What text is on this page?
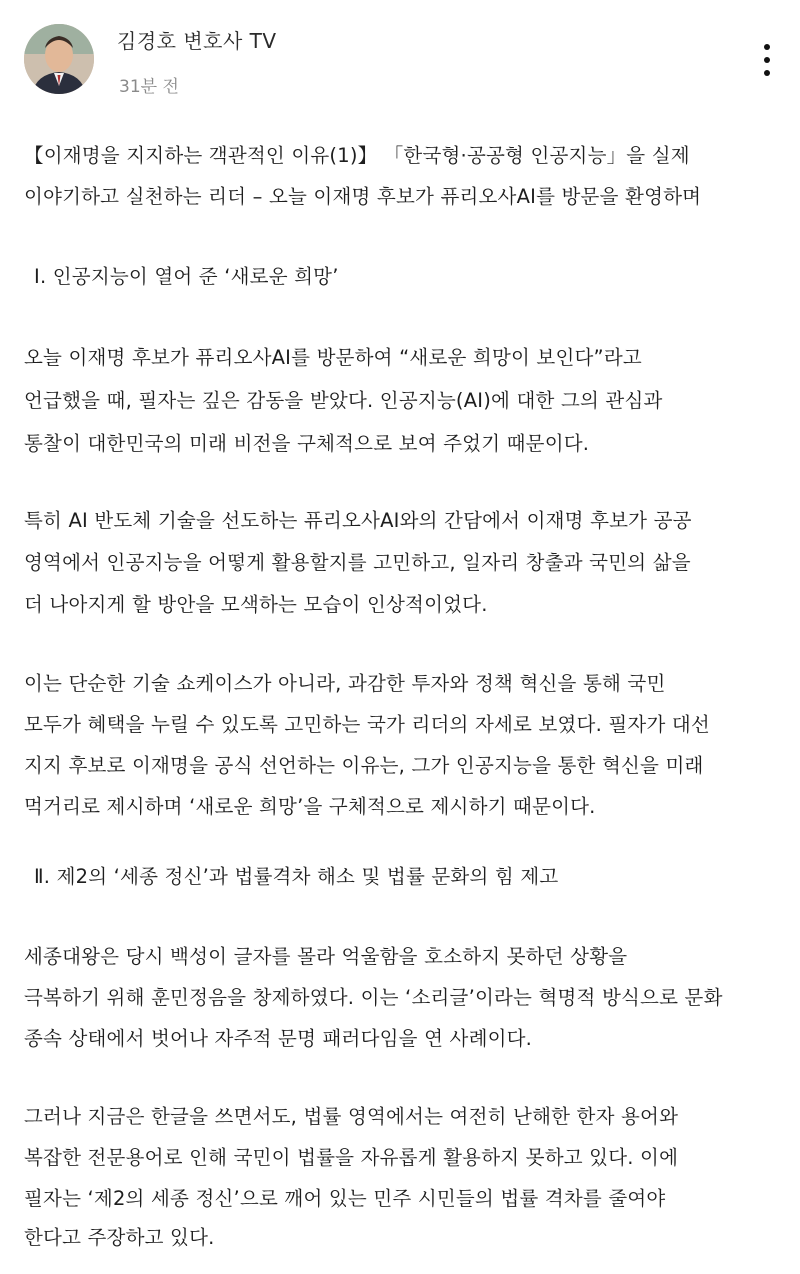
김경호 변호사 TV
31분 전
【이재명을 지지하는 객관적인 이유(1)】 「한국형·공공형 인공지능」을 실제
이야기하고 실천하는 리더 – 오늘 이재명 후보가 퓨리오사AI를 방문을 환영하며
Ⅰ. 인공지능이 열어 준 ‘새로운 희망’
오늘 이재명 후보가 퓨리오사AI를 방문하여 “새로운 희망이 보인다”라고
언급했을 때, 필자는 깊은 감동을 받았다. 인공지능(AI)에 대한 그의 관심과
통찰이 대한민국의 미래 비전을 구체적으로 보여 주었기 때문이다.
특히 AI 반도체 기술을 선도하는 퓨리오사AI와의 간담에서 이재명 후보가 공공
영역에서 인공지능을 어떻게 활용할지를 고민하고, 일자리 창출과 국민의 삶을
더 나아지게 할 방안을 모색하는 모습이 인상적이었다.
이는 단순한 기술 쇼케이스가 아니라, 과감한 투자와 정책 혁신을 통해 국민
모두가 혜택을 누릴 수 있도록 고민하는 국가 리더의 자세로 보였다. 필자가 대선
지지 후보로 이재명을 공식 선언하는 이유는, 그가 인공지능을 통한 혁신을 미래
먹거리로 제시하며 ‘새로운 희망’을 구체적으로 제시하기 때문이다.
Ⅱ. 제2의 ‘세종 정신’과 법률격차 해소 및 법률 문화의 힘 제고
세종대왕은 당시 백성이 글자를 몰라 억울함을 호소하지 못하던 상황을
극복하기 위해 훈민정음을 창제하였다. 이는 ‘소리글’이라는 혁명적 방식으로 문화
종속 상태에서 벗어나 자주적 문명 패러다임을 연 사례이다.
그러나 지금은 한글을 쓰면서도, 법률 영역에서는 여전히 난해한 한자 용어와
복잡한 전문용어로 인해 국민이 법률을 자유롭게 활용하지 못하고 있다. 이에
필자는 ‘제2의 세종 정신’으로 깨어 있는 민주 시민들의 법률 격차를 줄여야
한다고 주장하고 있다.
